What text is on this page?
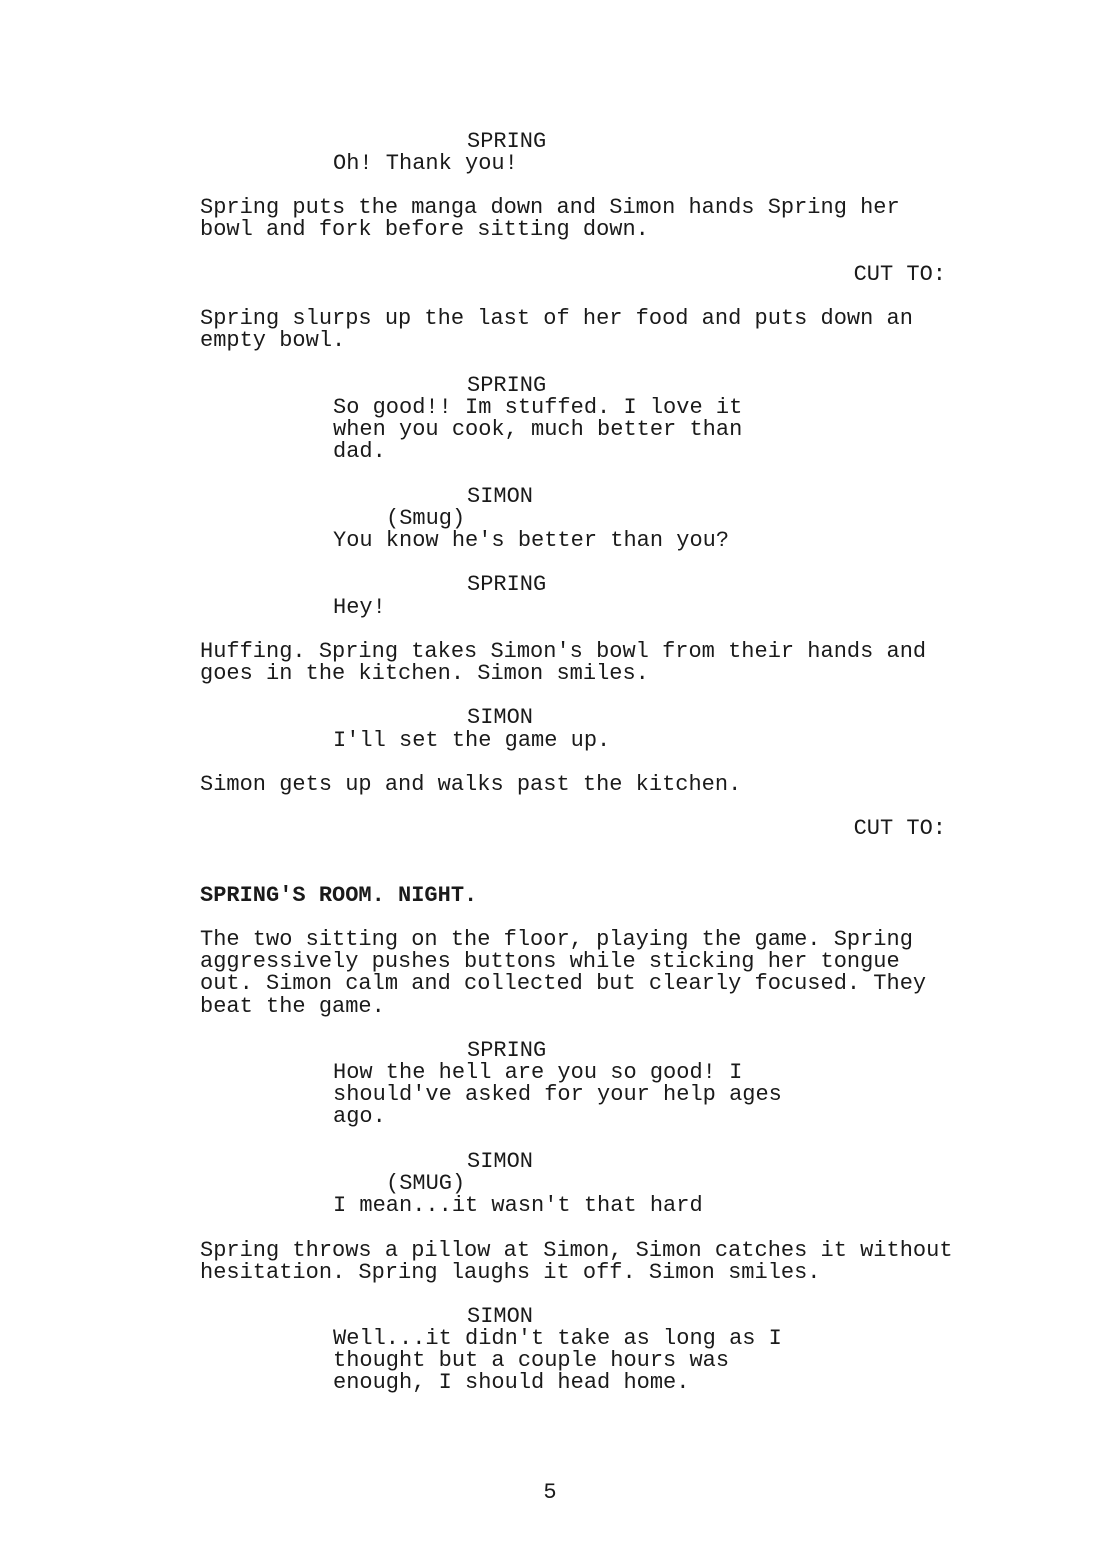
SPRING
Oh! Thank you!
Spring puts the manga down and Simon hands Spring her
bowl and fork before sitting down.
CUT TO:
Spring slurps up the last of her food and puts down an
empty bowl.
SPRING
So good!! Im stuffed. I love it
when you cook, much better than
dad.
SIMON
(Smug)
You know he's better than you?
SPRING
Hey!
Huffing. Spring takes Simon's bowl from their hands and
goes in the kitchen. Simon smiles.
SIMON
I'll set the game up.
Simon gets up and walks past the kitchen.
CUT TO:
SPRING'S ROOM. NIGHT.
The two sitting on the floor, playing the game. Spring
aggressively pushes buttons while sticking her tongue
out. Simon calm and collected but clearly focused. They
beat the game.
SPRING
How the hell are you so good! I
should've asked for your help ages
ago.
SIMON
(SMUG)
I mean...it wasn't that hard
Spring throws a pillow at Simon, Simon catches it without
hesitation. Spring laughs it off. Simon smiles.
SIMON
Well...it didn't take as long as I
thought but a couple hours was
enough, I should head home.
5
